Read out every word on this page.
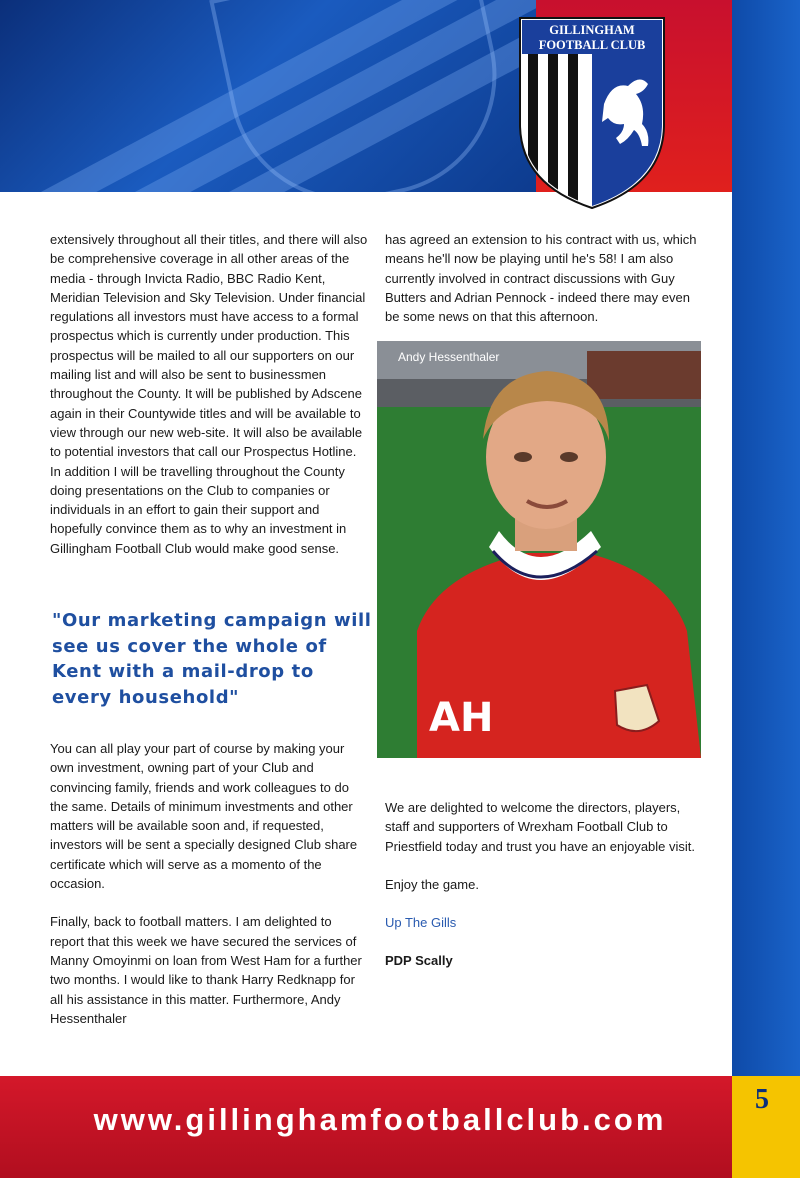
GILLINGHAM
FOOTBALL CLUB

extensively throughout all their titles, and there will also be comprehensive coverage in all other areas of the media - through Invicta Radio, BBC Radio Kent, Meridian Television and Sky Television. Under financial regulations all investors must have access to a formal prospectus which is currently under production. This prospectus will be mailed to all our supporters on our mailing list and will also be sent to businessmen throughout the County. It will be published by Adscene again in their Countywide titles and will be available to view through our new web-site. It will also be available to potential investors that call our Prospectus Hotline. In addition I will be travelling throughout the County doing presentations on the Club to companies or individuals in an effort to gain their support and hopefully convince them as to why an investment in Gillingham Football Club would make good sense.

"Our marketing campaign will see us cover the whole of Kent with a mail-drop to every household"

You can all play your part of course by making your own investment, owning part of your Club and convincing family, friends and work colleagues to do the same. Details of minimum investments and other matters will be available soon and, if requested, investors will be sent a specially designed Club share certificate which will serve as a momento of the occasion.

Finally, back to football matters. I am delighted to report that this week we have secured the services of Manny Omoyinmi on loan from West Ham for a further two months. I would like to thank Harry Redknapp for all his assistance in this matter. Furthermore, Andy Hessenthaler

has agreed an extension to his contract with us, which means he'll now be playing until he's 58! I am also currently involved in contract discussions with Guy Butters and Adrian Pennock - indeed there may even be some news on that this afternoon.

AH
Andy Hessenthaler

We are delighted to welcome the directors, players, staff and supporters of Wrexham Football Club to Priestfield today and trust you have an enjoyable visit.

Enjoy the game.

Up The Gills

PDP Scally

www.gillinghamfootballclub.com
5
